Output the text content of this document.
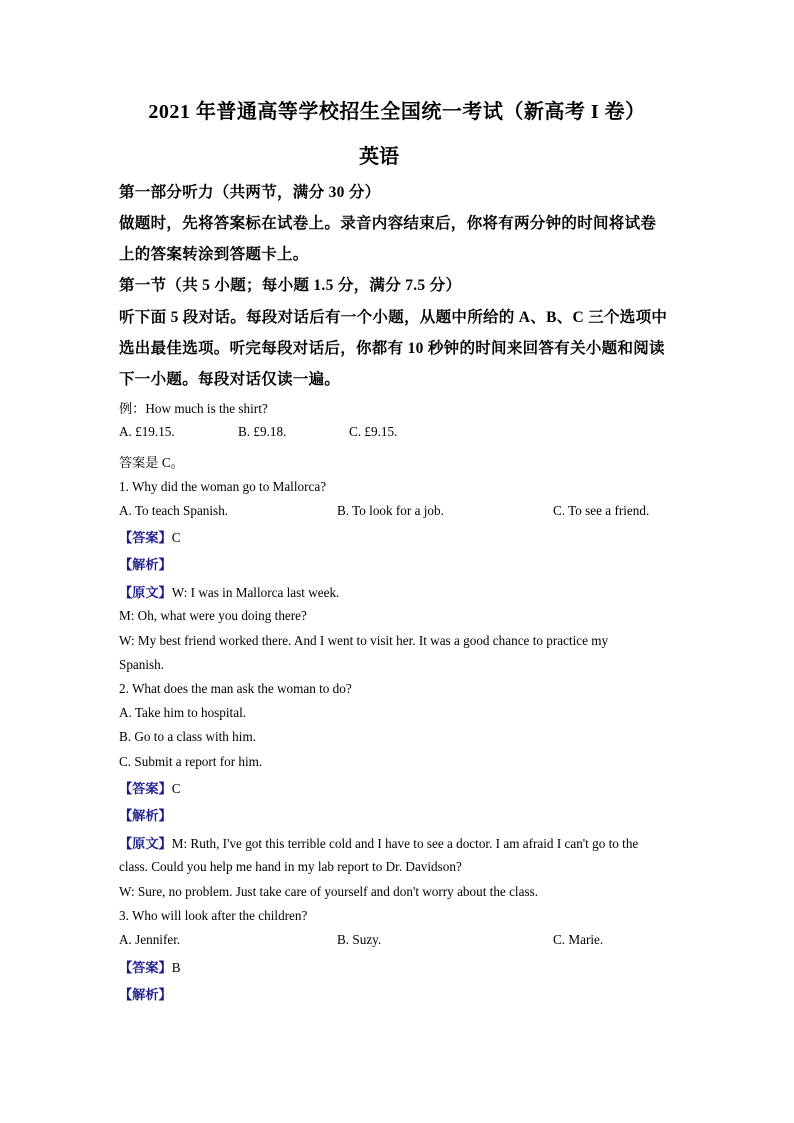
2021 年普通高等学校招生全国统一考试（新高考 I 卷）
英语
第一部分听力（共两节，满分 30 分）
做题时，先将答案标在试卷上。录音内容结束后，你将有两分钟的时间将试卷
上的答案转涂到答题卡上。
第一节（共 5 小题；每小题 1.5 分，满分 7.5 分）
听下面 5 段对话。每段对话后有一个小题，从题中所给的 A、B、C 三个选项中
选出最佳选项。听完每段对话后，你都有 10 秒钟的时间来回答有关小题和阅读
下一小题。每段对话仅读一遍。
例：How much is the shirt?
A. £19.15.	B. £9.18.	C. £9.15.
答案是 C。
1. Why did the woman go to Mallorca?
A. To teach Spanish.	B. To look for a job.	C. To see a friend.
【答案】C
【解析】
【原文】W: I was in Mallorca last week.
M: Oh, what were you doing there?
W: My best friend worked there. And I went to visit her. It was a good chance to practice my
Spanish.
2. What does the man ask the woman to do?
A. Take him to hospital.
B. Go to a class with him.
C. Submit a report for him.
【答案】C
【解析】
【原文】M: Ruth, I've got this terrible cold and I have to see a doctor. I am afraid I can't go to the
class. Could you help me hand in my lab report to Dr. Davidson?
W: Sure, no problem. Just take care of yourself and don't worry about the class.
3. Who will look after the children?
A. Jennifer.	B. Suzy.	C. Marie.
【答案】B
【解析】
